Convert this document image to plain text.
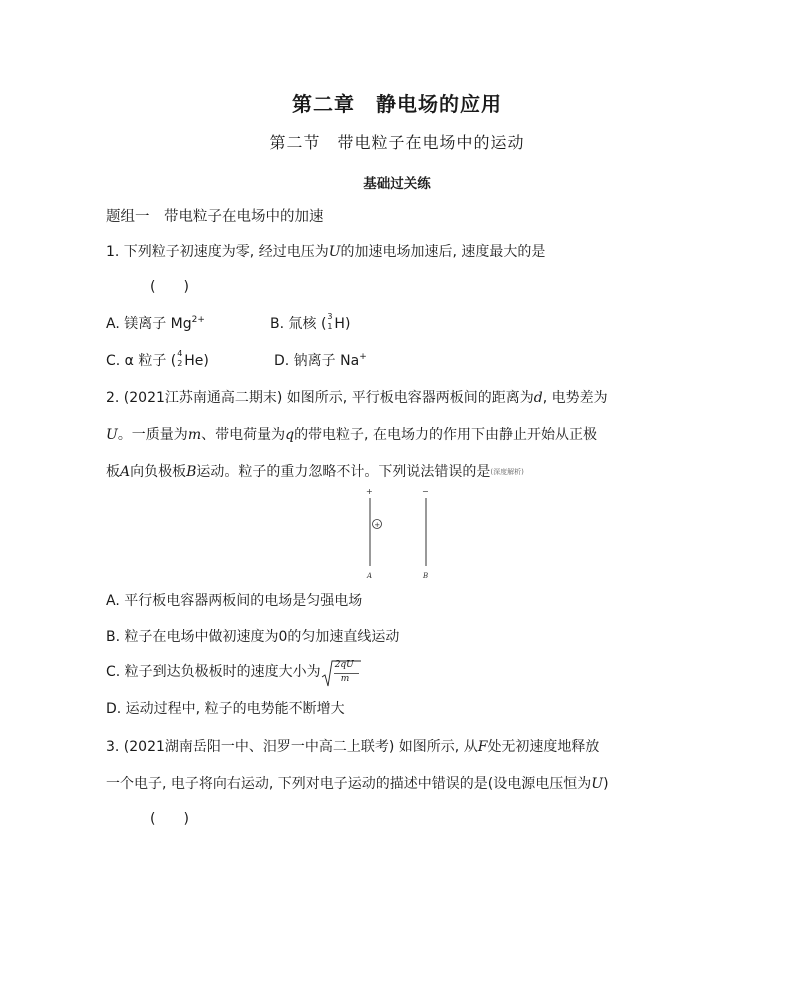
第二章　静电场的应用
第二节　带电粒子在电场中的运动
基础过关练
题组一　带电粒子在电场中的加速
1. 下列粒子初速度为零, 经过电压为U的加速电场加速后, 速度最大的是
(　　)
A. 镁离子 $Mg^{2+}$	B. 氚核 ( 3
1 H)
C. α 粒子 ( 4
2 He)	D. 钠离子 Na+
2. (2021江苏南通高二期末) 如图所示, 平行板电容器两板间的距离为d, 电势差为
U。一质量为m、带电荷量为q的带电粒子, 在电场力的作用下由静止开始从正极
板A向负极板B运动。粒子的重力忽略不计。下列说法错误的是(深度解析)
+	−
+
A	B
A. 平行板电容器两板间的电场是匀强电场
B. 粒子在电场中做初速度为0的匀加速直线运动
C. 粒子到达负极板时的速度大小为 2qU
m
D. 运动过程中, 粒子的电势能不断增大
3. (2021湖南岳阳一中、汨罗一中高二上联考) 如图所示, 从F处无初速度地释放
一个电子, 电子将向右运动, 下列对电子运动的描述中错误的是(设电源电压恒为U)
(　　)
